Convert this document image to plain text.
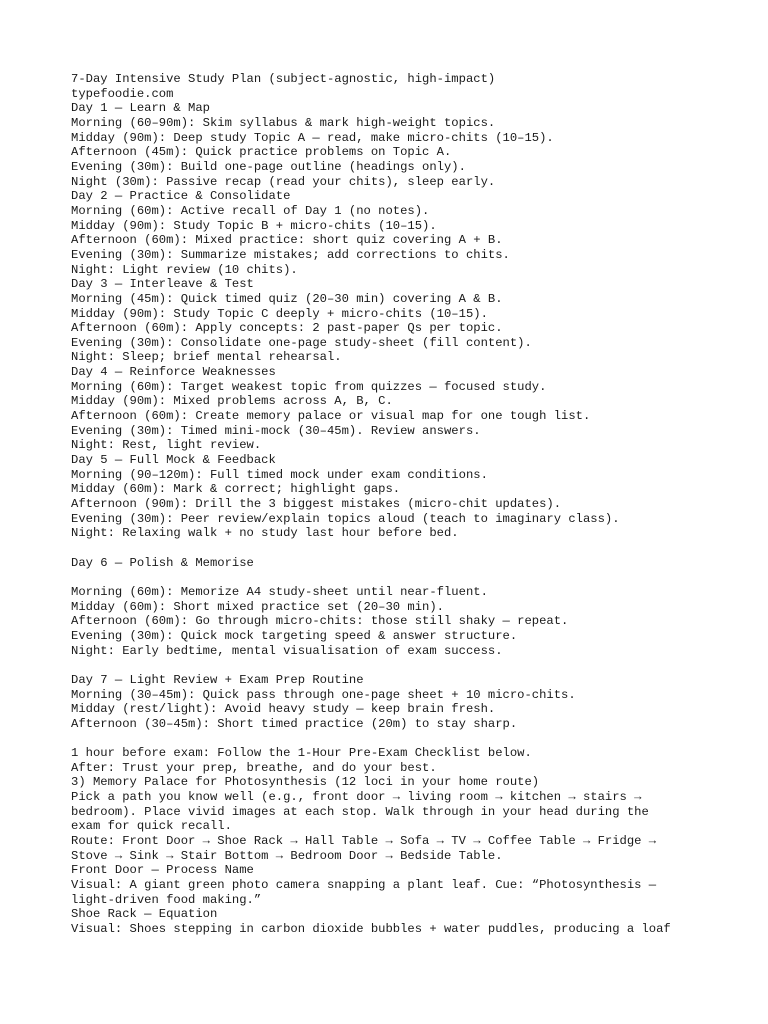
7-Day Intensive Study Plan (subject-agnostic, high-impact)
typefoodie.com
Day 1 — Learn & Map
Morning (60–90m): Skim syllabus & mark high-weight topics.
Midday (90m): Deep study Topic A — read, make micro-chits (10–15).
Afternoon (45m): Quick practice problems on Topic A.
Evening (30m): Build one-page outline (headings only).
Night (30m): Passive recap (read your chits), sleep early.
Day 2 — Practice & Consolidate
Morning (60m): Active recall of Day 1 (no notes).
Midday (90m): Study Topic B + micro-chits (10–15).
Afternoon (60m): Mixed practice: short quiz covering A + B.
Evening (30m): Summarize mistakes; add corrections to chits.
Night: Light review (10 chits).
Day 3 — Interleave & Test
Morning (45m): Quick timed quiz (20–30 min) covering A & B.
Midday (90m): Study Topic C deeply + micro-chits (10–15).
Afternoon (60m): Apply concepts: 2 past-paper Qs per topic.
Evening (30m): Consolidate one-page study-sheet (fill content).
Night: Sleep; brief mental rehearsal.
Day 4 — Reinforce Weaknesses
Morning (60m): Target weakest topic from quizzes — focused study.
Midday (90m): Mixed problems across A, B, C.
Afternoon (60m): Create memory palace or visual map for one tough list.
Evening (30m): Timed mini-mock (30–45m). Review answers.
Night: Rest, light review.
Day 5 — Full Mock & Feedback
Morning (90–120m): Full timed mock under exam conditions.
Midday (60m): Mark & correct; highlight gaps.
Afternoon (90m): Drill the 3 biggest mistakes (micro-chit updates).
Evening (30m): Peer review/explain topics aloud (teach to imaginary class).
Night: Relaxing walk + no study last hour before bed.
Day 6 — Polish & Memorise
Morning (60m): Memorize A4 study-sheet until near-fluent.
Midday (60m): Short mixed practice set (20–30 min).
Afternoon (60m): Go through micro-chits: those still shaky — repeat.
Evening (30m): Quick mock targeting speed & answer structure.
Night: Early bedtime, mental visualisation of exam success.
Day 7 — Light Review + Exam Prep Routine
Morning (30–45m): Quick pass through one-page sheet + 10 micro-chits.
Midday (rest/light): Avoid heavy study — keep brain fresh.
Afternoon (30–45m): Short timed practice (20m) to stay sharp.
1 hour before exam: Follow the 1-Hour Pre-Exam Checklist below.
After: Trust your prep, breathe, and do your best.
3) Memory Palace for Photosynthesis (12 loci in your home route)
Pick a path you know well (e.g., front door → living room → kitchen → stairs →
bedroom). Place vivid images at each stop. Walk through in your head during the
exam for quick recall.
Route: Front Door → Shoe Rack → Hall Table → Sofa → TV → Coffee Table → Fridge →
Stove → Sink → Stair Bottom → Bedroom Door → Bedside Table.
Front Door — Process Name
Visual: A giant green photo camera snapping a plant leaf. Cue: “Photosynthesis —
light-driven food making.”
Shoe Rack — Equation
Visual: Shoes stepping in carbon dioxide bubbles + water puddles, producing a loaf
